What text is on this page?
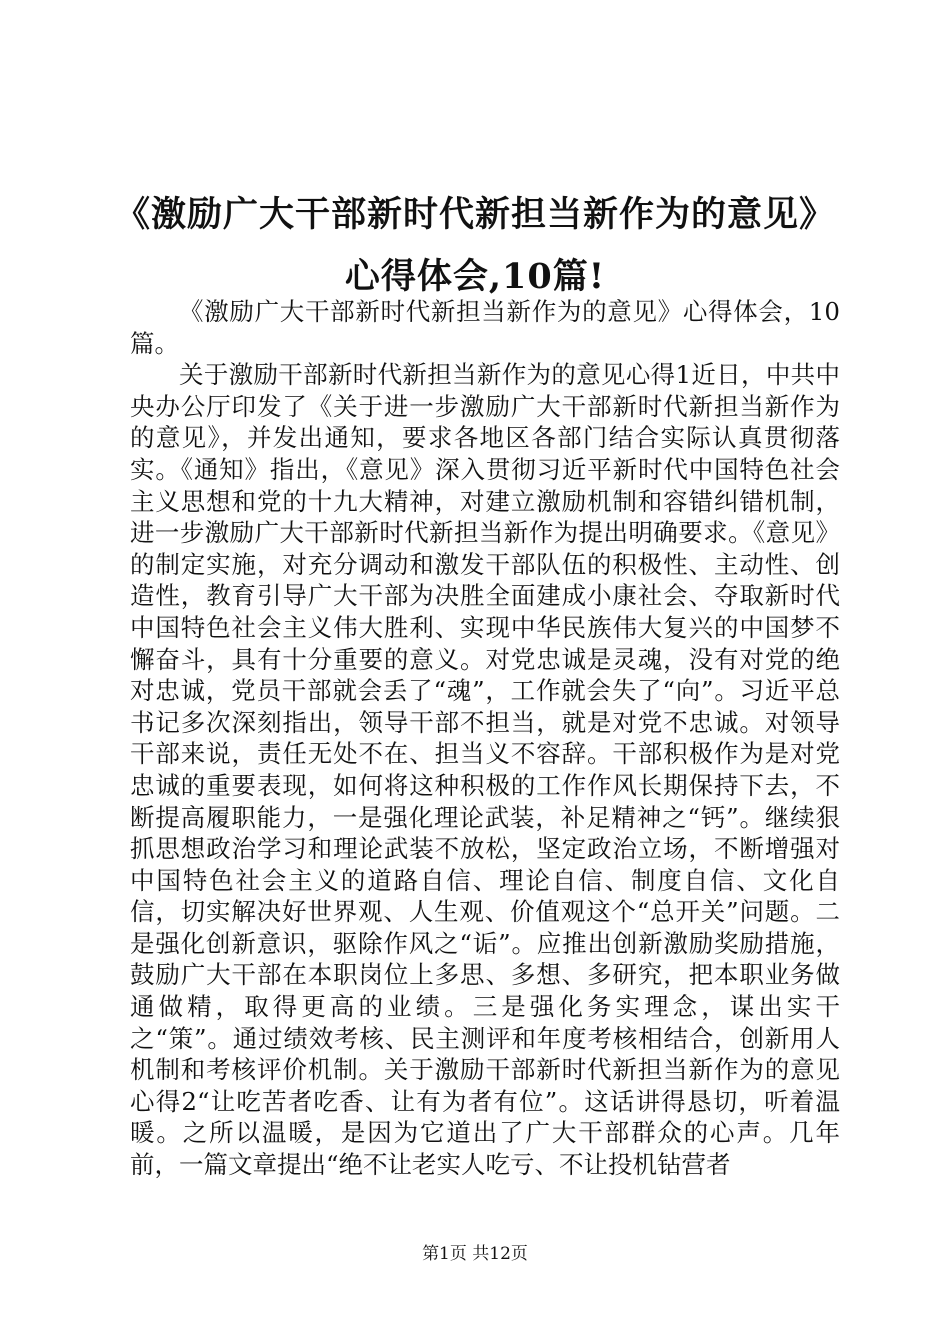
《激励广大干部新时代新担当新作为的意见》心得体会,10篇!

《激励广大干部新时代新担当新作为的意见》心得体会，10篇。

关于激励干部新时代新担当新作为的意见心得1近日，中共中央办公厅印发了《关于进一步激励广大干部新时代新担当新作为的意见》，并发出通知，要求各地区各部门结合实际认真贯彻落实。《通知》指出，《意见》深入贯彻习近平新时代中国特色社会主义思想和党的十九大精神，对建立激励机制和容错纠错机制，进一步激励广大干部新时代新担当新作为提出明确要求。《意见》的制定实施，对充分调动和激发干部队伍的积极性、主动性、创造性，教育引导广大干部为决胜全面建成小康社会、夺取新时代中国特色社会主义伟大胜利、实现中华民族伟大复兴的中国梦不懈奋斗，具有十分重要的意义。对党忠诚是灵魂，没有对党的绝对忠诚，党员干部就会丢了“魂”，工作就会失了“向”。习近平总书记多次深刻指出，领导干部不担当，就是对党不忠诚。对领导干部来说，责任无处不在、担当义不容辞。干部积极作为是对党忠诚的重要表现，如何将这种积极的工作作风长期保持下去，不断提高履职能力，一是强化理论武装，补足精神之“钙”。继续狠抓思想政治学习和理论武装不放松，坚定政治立场，不断增强对中国特色社会主义的道路自信、理论自信、制度自信、文化自信，切实解决好世界观、人生观、价值观这个“总开关”问题。二是强化创新意识，驱除作风之“诟”。应推出创新激励奖励措施，鼓励广大干部在本职岗位上多思、多想、多研究，把本职业务做通做精，取得更高的业绩。三是强化务实理念，谋出实干之“策”。通过绩效考核、民主测评和年度考核相结合，创新用人机制和考核评价机制。关于激励干部新时代新担当新作为的意见心得2“让吃苦者吃香、让有为者有位”。这话讲得恳切，听着温暖。之所以温暖，是因为它道出了广大干部群众的心声。几年前，一篇文章提出“绝不让老实人吃亏、不让投机钻营者

第1页 共12页
